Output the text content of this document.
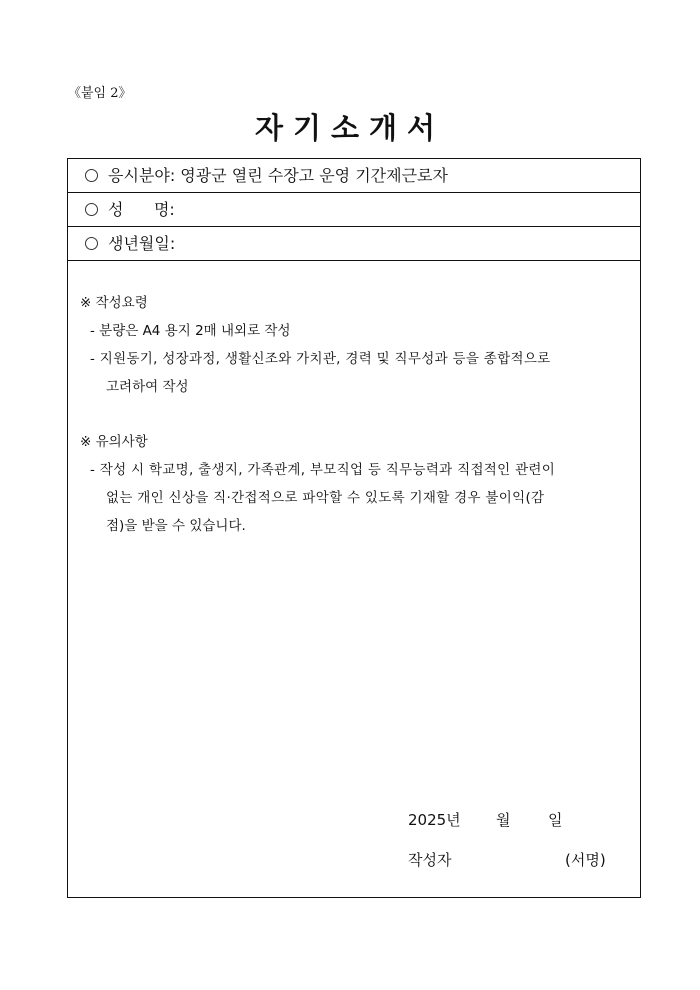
《붙임 2》
자기소개서
응시분야: 영광군 열린 수장고 운영 기간제근로자
성      명:
생년월일:
※ 작성요령
- 분량은 A4 용지 2매 내외로 작성
- 지원동기, 성장과정, 생활신조와 가치관, 경력 및 직무성과 등을 종합적으로
고려하여 작성
※ 유의사항
- 작성 시 학교명, 출생지, 가족관계, 부모직업 등 직무능력과 직접적인 관련이
없는 개인 신상을 직·간접적으로 파악할 수 있도록 기재할 경우 불이익(감
점)을 받을 수 있습니다.
2025년 월	일
작성자	(서명)
